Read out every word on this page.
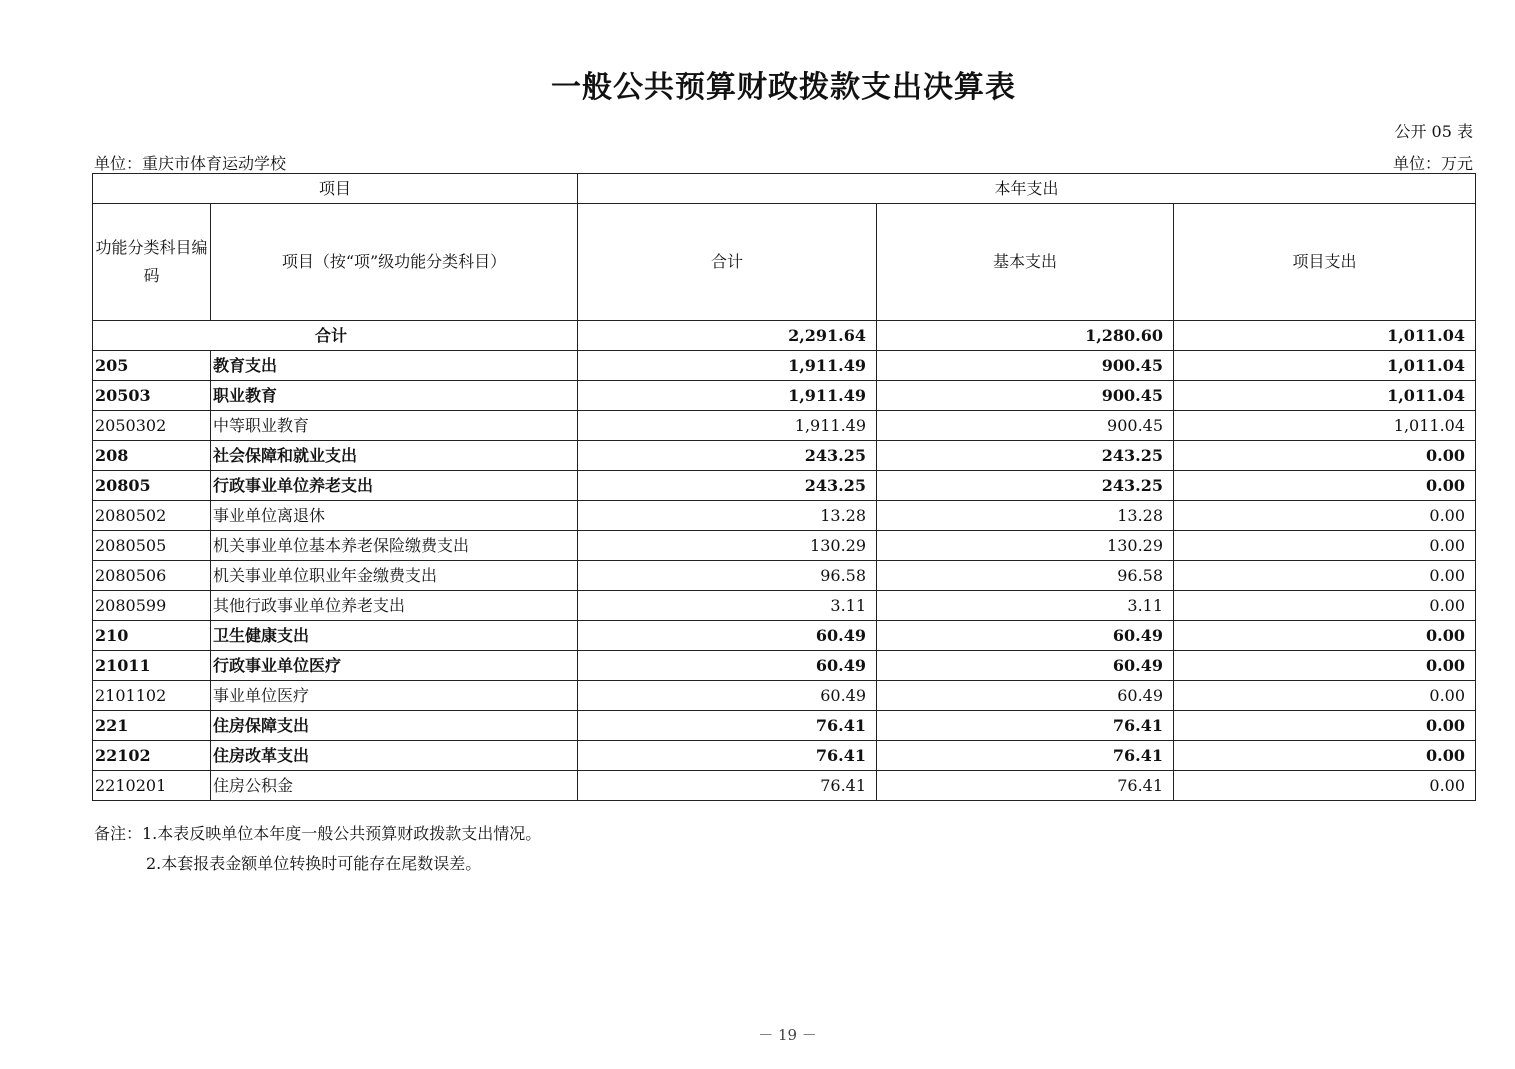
一般公共预算财政拨款支出决算表
公开 05 表
单位：重庆市体育运动学校	单位：万元
项目		本年支出		
功能分类科目编码	项目（按“项”级功能分类科目）	合计	基本支出	项目支出
合计		2,291.64	1,280.60	1,011.04
205	教育支出	1,911.49	900.45	1,011.04
20503	职业教育	1,911.49	900.45	1,011.04
2050302	中等职业教育	1,911.49	900.45	1,011.04
208	社会保障和就业支出	243.25	243.25	0.00
20805	行政事业单位养老支出	243.25	243.25	0.00
2080502	事业单位离退休	13.28	13.28	0.00
2080505	机关事业单位基本养老保险缴费支出	130.29	130.29	0.00
2080506	机关事业单位职业年金缴费支出	96.58	96.58	0.00
2080599	其他行政事业单位养老支出	3.11	3.11	0.00
210	卫生健康支出	60.49	60.49	0.00
21011	行政事业单位医疗	60.49	60.49	0.00
2101102	事业单位医疗	60.49	60.49	0.00
221	住房保障支出	76.41	76.41	0.00
22102	住房改革支出	76.41	76.41	0.00
2210201	住房公积金	76.41	76.41	0.00
备注：1.本表反映单位本年度一般公共预算财政拨款支出情况。
2.本套报表金额单位转换时可能存在尾数误差。
－ 19 －
